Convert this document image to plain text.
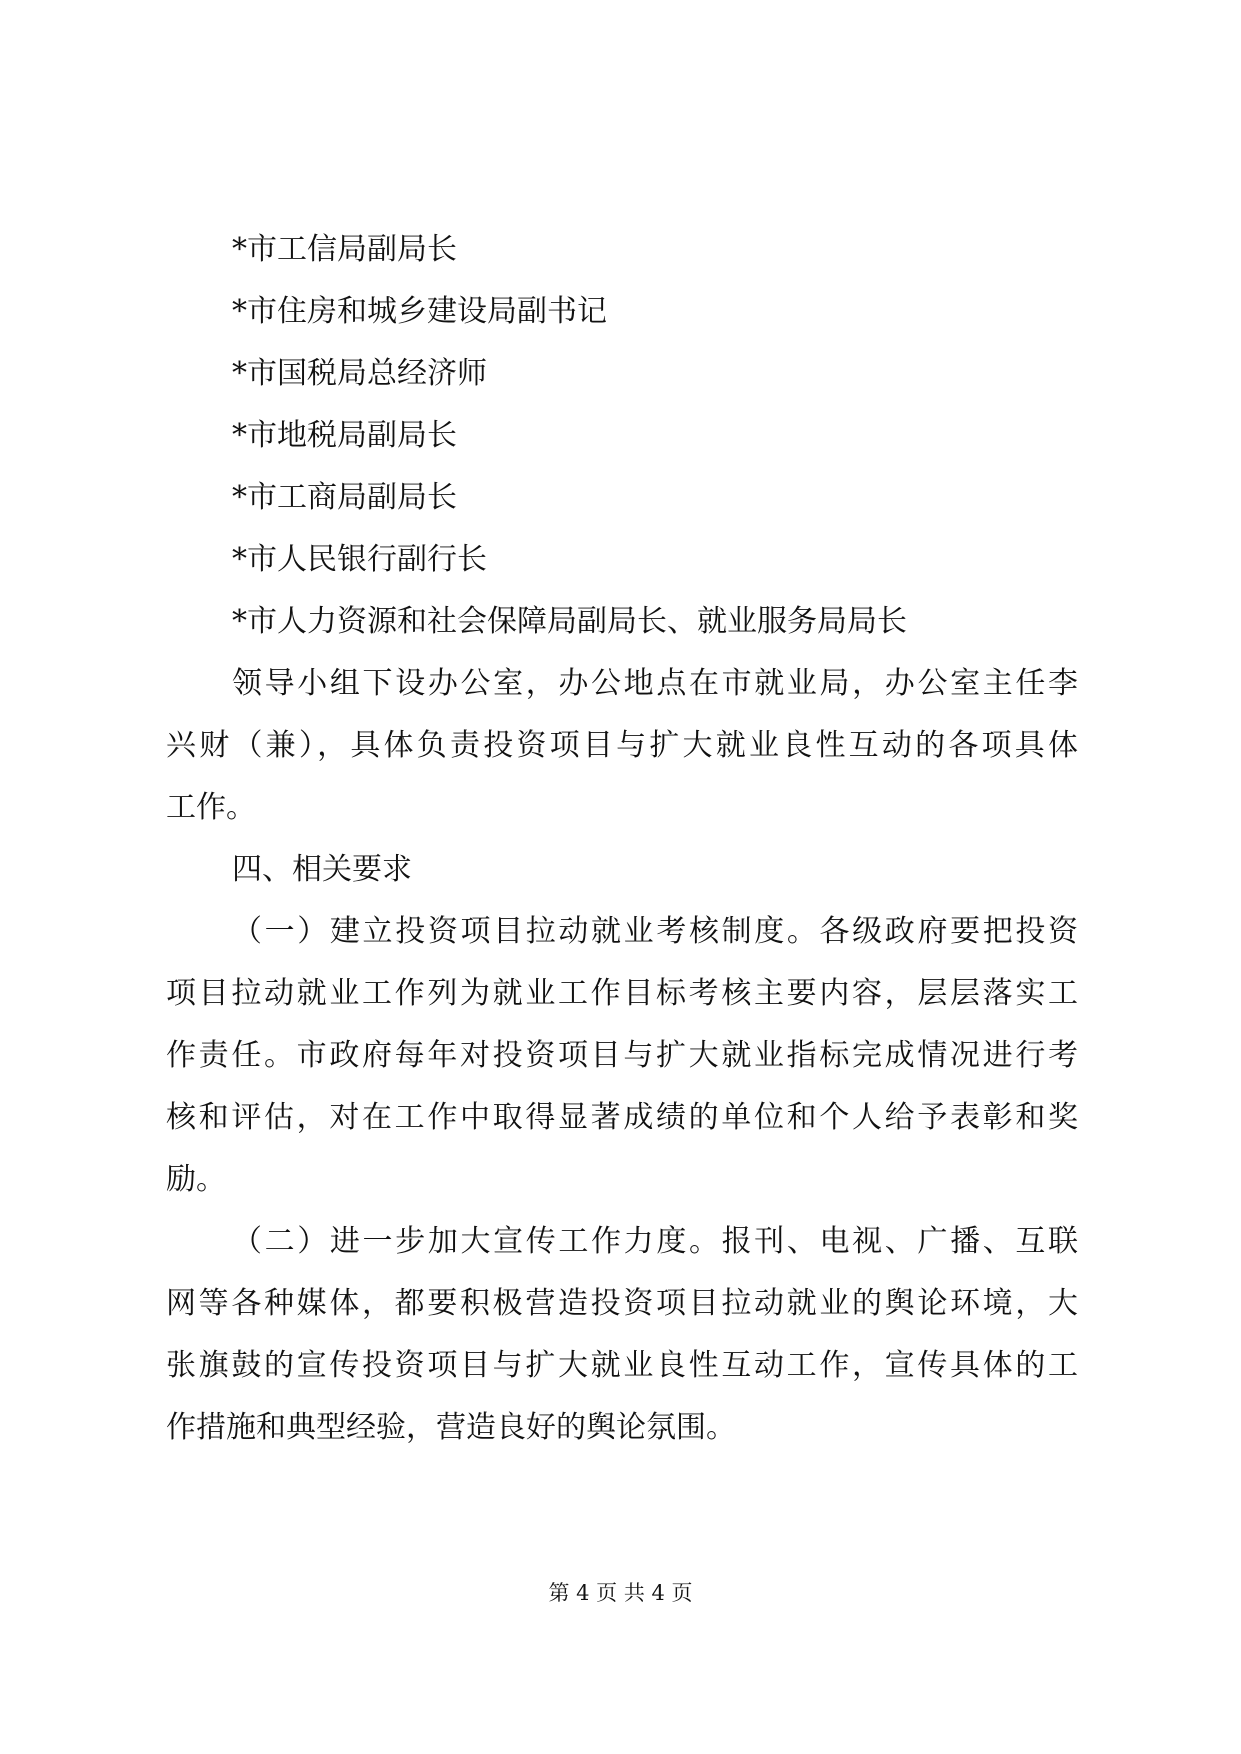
*市工信局副局长
*市住房和城乡建设局副书记
*市国税局总经济师
*市地税局副局长
*市工商局副局长
*市人民银行副行长
*市人力资源和社会保障局副局长、就业服务局局长
领导小组下设办公室，办公地点在市就业局，办公室主任李
兴财（兼），具体负责投资项目与扩大就业良性互动的各项具体
工作。
四、相关要求
（一）建立投资项目拉动就业考核制度。各级政府要把投资
项目拉动就业工作列为就业工作目标考核主要内容，层层落实工
作责任。市政府每年对投资项目与扩大就业指标完成情况进行考
核和评估，对在工作中取得显著成绩的单位和个人给予表彰和奖
励。
（二）进一步加大宣传工作力度。报刊、电视、广播、互联
网等各种媒体，都要积极营造投资项目拉动就业的舆论环境，大
张旗鼓的宣传投资项目与扩大就业良性互动工作，宣传具体的工
作措施和典型经验，营造良好的舆论氛围。
第 4 页 共 4 页
